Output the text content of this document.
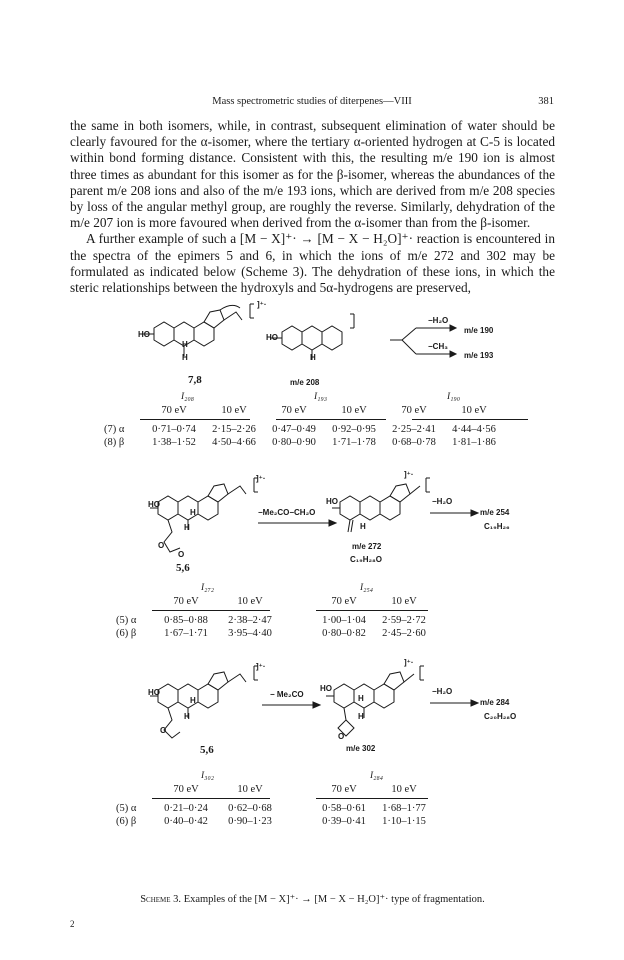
Mass spectrometric studies of diterpenes—VIII	381

the same in both isomers, while, in contrast, subsequent elimination of water should be clearly favoured for the α-isomer, where the tertiary α-oriented hydrogen at C-5 is located within bond forming distance. Consistent with this, the resulting m/e 190 ion is almost three times as abundant for this isomer as for the β-isomer, whereas the abundances of the parent m/e 208 ions and also of the m/e 193 ions, which are derived from m/e 208 species by loss of the angular methyl group, are roughly the reverse. Similarly, dehydration of the m/e 207 ion is more favoured when derived from the α-isomer than from the β-isomer.

A further example of such a [M − X]⁺· → [M − X − H₂O]⁺· reaction is encountered in the spectra of the epimers 5 and 6, in which the ions of m/e 272 and 302 may be formulated as indicated below (Scheme 3). The dehydration of these ions, in which the steric relationships between the hydroxyls and 5α-hydrogens are preserved,

HO
H
H
]⁺·
7,8
HO
H
m/e 208
−H₂O
−CH₃
m/e 190
m/e 193
I₂₀₈	I₁₉₃	I₁₉₀
	70 eV	10 eV	70 eV	10 eV	70 eV	10 eV

(7) α	0·71–0·74	2·15–2·26	0·47–0·49	0·92–0·95	2·25–2·41	4·44–4·56
(8) β	1·38–1·52	4·50–4·66	0·80–0·90	1·71–1·78	0·68–0·78	1·81–1·86
HO
H
H
O
O
]⁺·
5,6
−Me₂CO−CH₂O
HO
H
]⁺·
m/e 272
C₁₉H₂₈O
−H₂O
m/e 254
C₁₉H₂₆
I₂₇₂	I₂₅₄
	70 eV	10 eV		70 eV	10 eV

(5) α	0·85–0·88	2·38–2·47		1·00–1·04	2·59–2·72
(6) β	1·67–1·71	3·95–4·40		0·80–0·82	2·45–2·60
HO
H
H
O
]⁺·
5,6
− Me₂CO
HO
H
H
O
]⁺·
m/e 302
−H₂O
m/e 284
C₂₀H₂₈O
I₃₀₂	I₂₈₄
	70 eV	10 eV		70 eV	10 eV

(5) α	0·21–0·24	0·62–0·68		0·58–0·61	1·68–1·77
(6) β	0·40–0·42	0·90–1·23		0·39–0·41	1·10–1·15
Scheme 3. Examples of the [M − X]⁺· → [M − X − H₂O]⁺· type of fragmentation.
2
